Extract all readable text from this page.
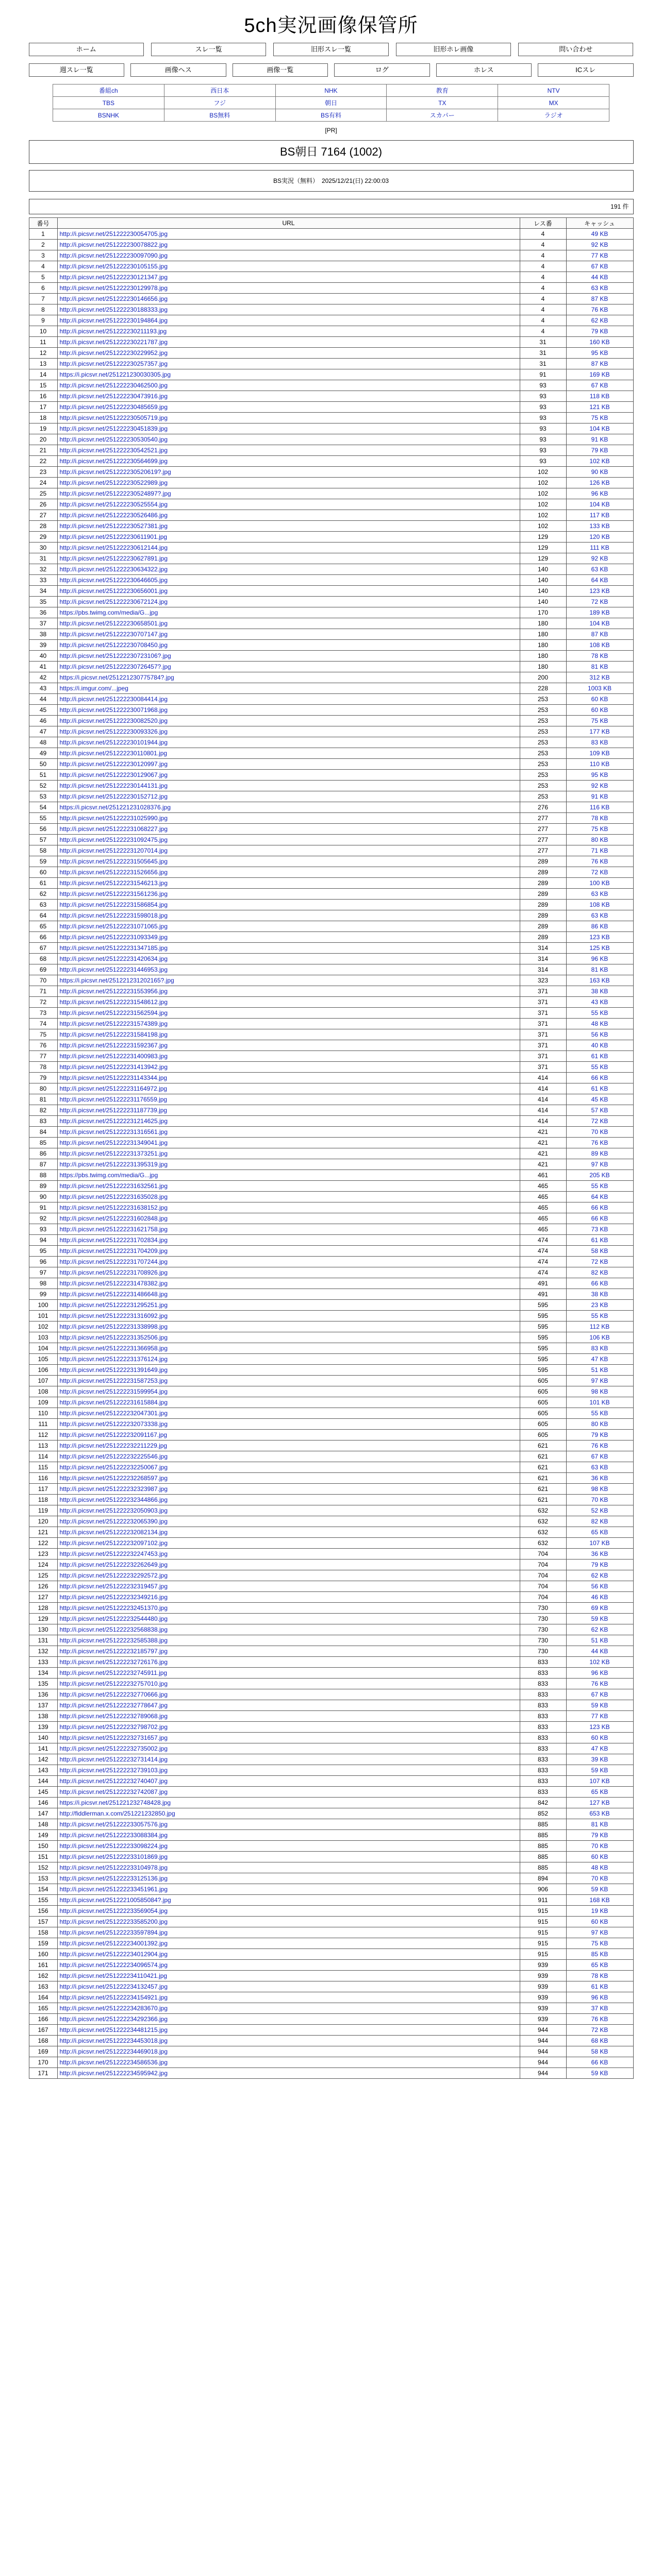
5ch実況画像保管所
ホーム	スレ一覧	旧形スレ一覧	旧形ホレ画像	問い合わせ
週スレ一覧	画像ヘス	画像一覧	ログ	ホレス	ICスレ
番組ch	西日本	NHK	教育	NTV
TBS	フジ	朝日	TX	MX
BSNHK	BS無料	BS有料	スカパー	ラジオ
[PR]
BS朝日 7164 (1002)
BS実況（無料）　2025/12/21(日) 22:00:03
191 件
番号	URL	レス番	キャッシュ
1	http://i.picsvr.net/251222230054705.jpg	4	49 KB
2	http://i.picsvr.net/251222230078822.jpg	4	92 KB
3	http://i.picsvr.net/251222230097090.jpg	4	77 KB
4	http://i.picsvr.net/251222230105155.jpg	4	67 KB
5	http://i.picsvr.net/251222230121347.jpg	4	44 KB
6	http://i.picsvr.net/251222230129978.jpg	4	63 KB
7	http://i.picsvr.net/251222230146656.jpg	4	87 KB
8	http://i.picsvr.net/251222230188333.jpg	4	76 KB
9	http://i.picsvr.net/251222230194864.jpg	4	62 KB
10	http://i.picsvr.net/251222230211193.jpg	4	79 KB
11	http://i.picsvr.net/251222230221787.jpg	31	160 KB
12	http://i.picsvr.net/251222230229952.jpg	31	95 KB
13	http://i.picsvr.net/251222230257357.jpg	31	87 KB
14	https://i.picsvr.net/251221230030305.jpg	91	169 KB
15	http://i.picsvr.net/251222230462500.jpg	93	67 KB
16	http://i.picsvr.net/251222230473916.jpg	93	118 KB
17	http://i.picsvr.net/251222230485659.jpg	93	121 KB
18	http://i.picsvr.net/251222230505719.jpg	93	75 KB
19	http://i.picsvr.net/251222230451839.jpg	93	104 KB
20	http://i.picsvr.net/251222230530540.jpg	93	91 KB
21	http://i.picsvr.net/251222230542521.jpg	93	79 KB
22	http://i.picsvr.net/251222230564699.jpg	93	102 KB
23	http://i.picsvr.net/251222230520619?.jpg	102	90 KB
24	http://i.picsvr.net/251222230522989.jpg	102	126 KB
25	http://i.picsvr.net/251222230524897?.jpg	102	96 KB
26	http://i.picsvr.net/251222230525554.jpg	102	104 KB
27	http://i.picsvr.net/251222230526486.jpg	102	117 KB
28	http://i.picsvr.net/251222230527381.jpg	102	133 KB
29	http://i.picsvr.net/251222230611901.jpg	129	120 KB
30	http://i.picsvr.net/251222230612144.jpg	129	111 KB
31	http://i.picsvr.net/251222230627891.jpg	129	92 KB
32	http://i.picsvr.net/251222230634322.jpg	140	63 KB
33	http://i.picsvr.net/251222230646605.jpg	140	64 KB
34	http://i.picsvr.net/251222230656001.jpg	140	123 KB
35	http://i.picsvr.net/251222230672124.jpg	140	72 KB
36	https://pbs.twimg.com/media/G...jpg	170	189 KB
37	http://i.picsvr.net/251222230658501.jpg	180	104 KB
38	http://i.picsvr.net/251222230707147.jpg	180	87 KB
39	http://i.picsvr.net/251222230708450.jpg	180	108 KB
40	http://i.picsvr.net/251222230723106?.jpg	180	78 KB
41	http://i.picsvr.net/251222230726457?.jpg	180	81 KB
42	https://i.picsvr.net/251221230775784?.jpg	200	312 KB
43	https://i.imgur.com/...jpeg	228	1003 KB
44	http://i.picsvr.net/251222230084414.jpg	253	60 KB
45	http://i.picsvr.net/251222230071968.jpg	253	60 KB
46	http://i.picsvr.net/251222230082520.jpg	253	75 KB
47	http://i.picsvr.net/251222230093326.jpg	253	177 KB
48	http://i.picsvr.net/251222230101944.jpg	253	83 KB
49	http://i.picsvr.net/251222230110801.jpg	253	109 KB
50	http://i.picsvr.net/251222230120997.jpg	253	110 KB
51	http://i.picsvr.net/251222230129067.jpg	253	95 KB
52	http://i.picsvr.net/251222230144131.jpg	253	92 KB
53	http://i.picsvr.net/251222230152712.jpg	253	91 KB
54	https://i.picsvr.net/251221231028376.jpg	276	116 KB
55	http://i.picsvr.net/251222231025990.jpg	277	78 KB
56	http://i.picsvr.net/251222231068227.jpg	277	75 KB
57	http://i.picsvr.net/251222231092475.jpg	277	80 KB
58	http://i.picsvr.net/251222231207014.jpg	277	71 KB
59	http://i.picsvr.net/251222231505645.jpg	289	76 KB
60	http://i.picsvr.net/251222231526656.jpg	289	72 KB
61	http://i.picsvr.net/251222231546213.jpg	289	100 KB
62	http://i.picsvr.net/251222231561236.jpg	289	63 KB
63	http://i.picsvr.net/251222231586854.jpg	289	108 KB
64	http://i.picsvr.net/251222231598018.jpg	289	63 KB
65	http://i.picsvr.net/251222231071065.jpg	289	86 KB
66	http://i.picsvr.net/251222231093349.jpg	289	123 KB
67	http://i.picsvr.net/251222231347185.jpg	314	125 KB
68	http://i.picsvr.net/251222231420634.jpg	314	96 KB
69	http://i.picsvr.net/251222231446953.jpg	314	81 KB
70	https://i.picsvr.net/251221231202165?.jpg	323	163 KB
71	http://i.picsvr.net/251222231553956.jpg	371	38 KB
72	http://i.picsvr.net/251222231548612.jpg	371	43 KB
73	http://i.picsvr.net/251222231562594.jpg	371	55 KB
74	http://i.picsvr.net/251222231574389.jpg	371	48 KB
75	http://i.picsvr.net/251222231584198.jpg	371	56 KB
76	http://i.picsvr.net/251222231592367.jpg	371	40 KB
77	http://i.picsvr.net/251222231400983.jpg	371	61 KB
78	http://i.picsvr.net/251222231413942.jpg	371	55 KB
79	http://i.picsvr.net/251222231143344.jpg	414	66 KB
80	http://i.picsvr.net/251222231164972.jpg	414	61 KB
81	http://i.picsvr.net/251222231176559.jpg	414	45 KB
82	http://i.picsvr.net/251222231187739.jpg	414	57 KB
83	http://i.picsvr.net/251222231214625.jpg	414	72 KB
84	http://i.picsvr.net/251222231316561.jpg	421	70 KB
85	http://i.picsvr.net/251222231349041.jpg	421	76 KB
86	http://i.picsvr.net/251222231373251.jpg	421	89 KB
87	http://i.picsvr.net/251222231395319.jpg	421	97 KB
88	https://pbs.twimg.com/media/G...jpg	461	205 KB
89	http://i.picsvr.net/251222231632561.jpg	465	55 KB
90	http://i.picsvr.net/251222231635028.jpg	465	64 KB
91	http://i.picsvr.net/251222231638152.jpg	465	66 KB
92	http://i.picsvr.net/251222231602848.jpg	465	66 KB
93	http://i.picsvr.net/251222231621758.jpg	465	73 KB
94	http://i.picsvr.net/251222231702834.jpg	474	61 KB
95	http://i.picsvr.net/251222231704209.jpg	474	58 KB
96	http://i.picsvr.net/251222231707244.jpg	474	72 KB
97	http://i.picsvr.net/251222231708926.jpg	474	82 KB
98	http://i.picsvr.net/251222231478382.jpg	491	66 KB
99	http://i.picsvr.net/251222231486648.jpg	491	38 KB
100	http://i.picsvr.net/251222231295251.jpg	595	23 KB
101	http://i.picsvr.net/251222231316092.jpg	595	55 KB
102	http://i.picsvr.net/251222231338998.jpg	595	112 KB
103	http://i.picsvr.net/251222231352506.jpg	595	106 KB
104	http://i.picsvr.net/251222231366958.jpg	595	83 KB
105	http://i.picsvr.net/251222231376124.jpg	595	47 KB
106	http://i.picsvr.net/251222231391649.jpg	595	51 KB
107	http://i.picsvr.net/251222231587253.jpg	605	97 KB
108	http://i.picsvr.net/251222231599954.jpg	605	98 KB
109	http://i.picsvr.net/251222231615884.jpg	605	101 KB
110	http://i.picsvr.net/251222232047301.jpg	605	55 KB
111	http://i.picsvr.net/251222232073338.jpg	605	80 KB
112	http://i.picsvr.net/251222232091167.jpg	605	79 KB
113	http://i.picsvr.net/251222232211229.jpg	621	76 KB
114	http://i.picsvr.net/251222232225546.jpg	621	67 KB
115	http://i.picsvr.net/251222232250067.jpg	621	63 KB
116	http://i.picsvr.net/251222232268597.jpg	621	36 KB
117	http://i.picsvr.net/251222232323987.jpg	621	98 KB
118	http://i.picsvr.net/251222232344866.jpg	621	70 KB
119	http://i.picsvr.net/251222232050903.jpg	632	52 KB
120	http://i.picsvr.net/251222232065390.jpg	632	82 KB
121	http://i.picsvr.net/251222232082134.jpg	632	65 KB
122	http://i.picsvr.net/251222232097102.jpg	632	107 KB
123	http://i.picsvr.net/251222232247453.jpg	704	36 KB
124	http://i.picsvr.net/251222232262649.jpg	704	79 KB
125	http://i.picsvr.net/251222232292572.jpg	704	62 KB
126	http://i.picsvr.net/251222232319457.jpg	704	56 KB
127	http://i.picsvr.net/251222232349216.jpg	704	46 KB
128	http://i.picsvr.net/251222232451370.jpg	730	69 KB
129	http://i.picsvr.net/251222232544480.jpg	730	59 KB
130	http://i.picsvr.net/251222232568838.jpg	730	62 KB
131	http://i.picsvr.net/251222232585388.jpg	730	51 KB
132	http://i.picsvr.net/251222232185797.jpg	730	44 KB
133	http://i.picsvr.net/251222232726176.jpg	833	102 KB
134	http://i.picsvr.net/251222232745911.jpg	833	96 KB
135	http://i.picsvr.net/251222232757010.jpg	833	76 KB
136	http://i.picsvr.net/251222232770666.jpg	833	67 KB
137	http://i.picsvr.net/251222232778647.jpg	833	59 KB
138	http://i.picsvr.net/251222232789068.jpg	833	77 KB
139	http://i.picsvr.net/251222232798702.jpg	833	123 KB
140	http://i.picsvr.net/251222232731657.jpg	833	60 KB
141	http://i.picsvr.net/251222232735002.jpg	833	47 KB
142	http://i.picsvr.net/251222232731414.jpg	833	39 KB
143	http://i.picsvr.net/251222232739103.jpg	833	59 KB
144	http://i.picsvr.net/251222232740407.jpg	833	107 KB
145	http://i.picsvr.net/251222232742087.jpg	833	65 KB
146	https://i.picsvr.net/251221232748428.jpg	842	127 KB
147	http://fiddlerman.x.com/251221232850.jpg	852	653 KB
148	http://i.picsvr.net/251222233057576.jpg	885	81 KB
149	http://i.picsvr.net/251222233088384.jpg	885	79 KB
150	http://i.picsvr.net/251222233098224.jpg	885	70 KB
151	http://i.picsvr.net/251222233101869.jpg	885	60 KB
152	http://i.picsvr.net/251222233104978.jpg	885	48 KB
153	http://i.picsvr.net/251222233125136.jpg	894	70 KB
154	http://i.picsvr.net/251222233451961.jpg	906	59 KB
155	http://i.picsvr.net/251222100585084?.jpg	911	168 KB
156	http://i.picsvr.net/251222233569054.jpg	915	19 KB
157	http://i.picsvr.net/251222233585200.jpg	915	60 KB
158	http://i.picsvr.net/251222233597894.jpg	915	97 KB
159	http://i.picsvr.net/251222234001392.jpg	915	75 KB
160	http://i.picsvr.net/251222234012904.jpg	915	85 KB
161	http://i.picsvr.net/251222234096574.jpg	939	65 KB
162	http://i.picsvr.net/251222234110421.jpg	939	78 KB
163	http://i.picsvr.net/251222234132457.jpg	939	61 KB
164	http://i.picsvr.net/251222234154921.jpg	939	96 KB
165	http://i.picsvr.net/251222234283670.jpg	939	37 KB
166	http://i.picsvr.net/251222234292366.jpg	939	76 KB
167	http://i.picsvr.net/251222234481215.jpg	944	72 KB
168	http://i.picsvr.net/251222234453018.jpg	944	68 KB
169	http://i.picsvr.net/251222234469018.jpg	944	58 KB
170	http://i.picsvr.net/251222234586536.jpg	944	66 KB
171	http://i.picsvr.net/251222234595942.jpg	944	59 KB
